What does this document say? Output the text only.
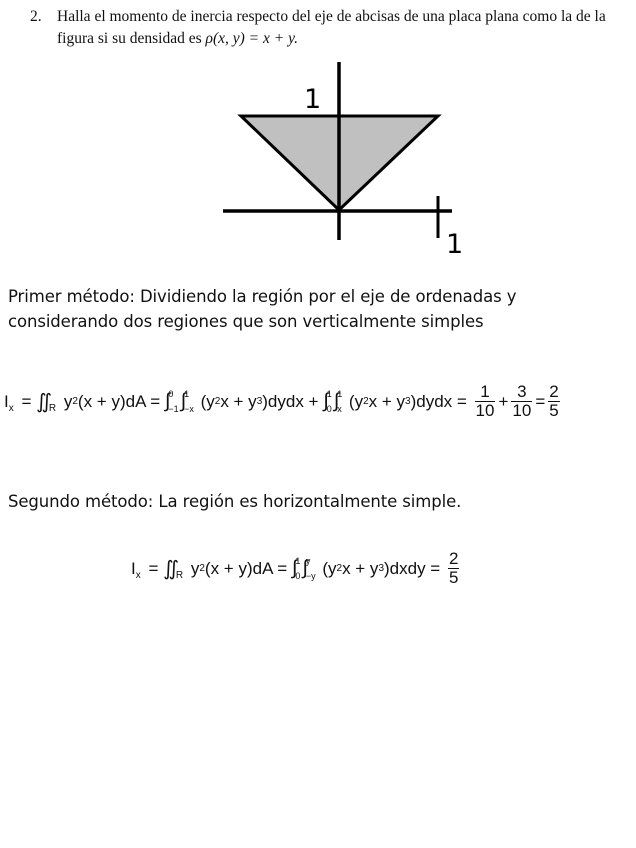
2. Halla el momento de inercia respecto del eje de abcisas de una placa plana como la de la figura si su densidad es ρ(x, y) = x + y.
1
1
Primer método: Dividiendo la región por el eje de ordenadas y considerando dos regiones que son verticalmente simples
I x = ∬ R y 2 (x + y)dA = ∫ 0
−1 ∫ 1
−x (y 2 x + y 3 )dydx + ∫ 1
0 ∫ 1
x (y 2 x + y 3 )dydx = $\frac{1}{10} + \frac{3}{10} = \frac{2}{5}$
Segundo método: La región es horizontalmente simple.
I x = ∬ R y 2 (x + y)dA = ∫ 1
0 ∫ y
−y (y 2 x + y 3 )dxdy = $\frac{2}{5}$
